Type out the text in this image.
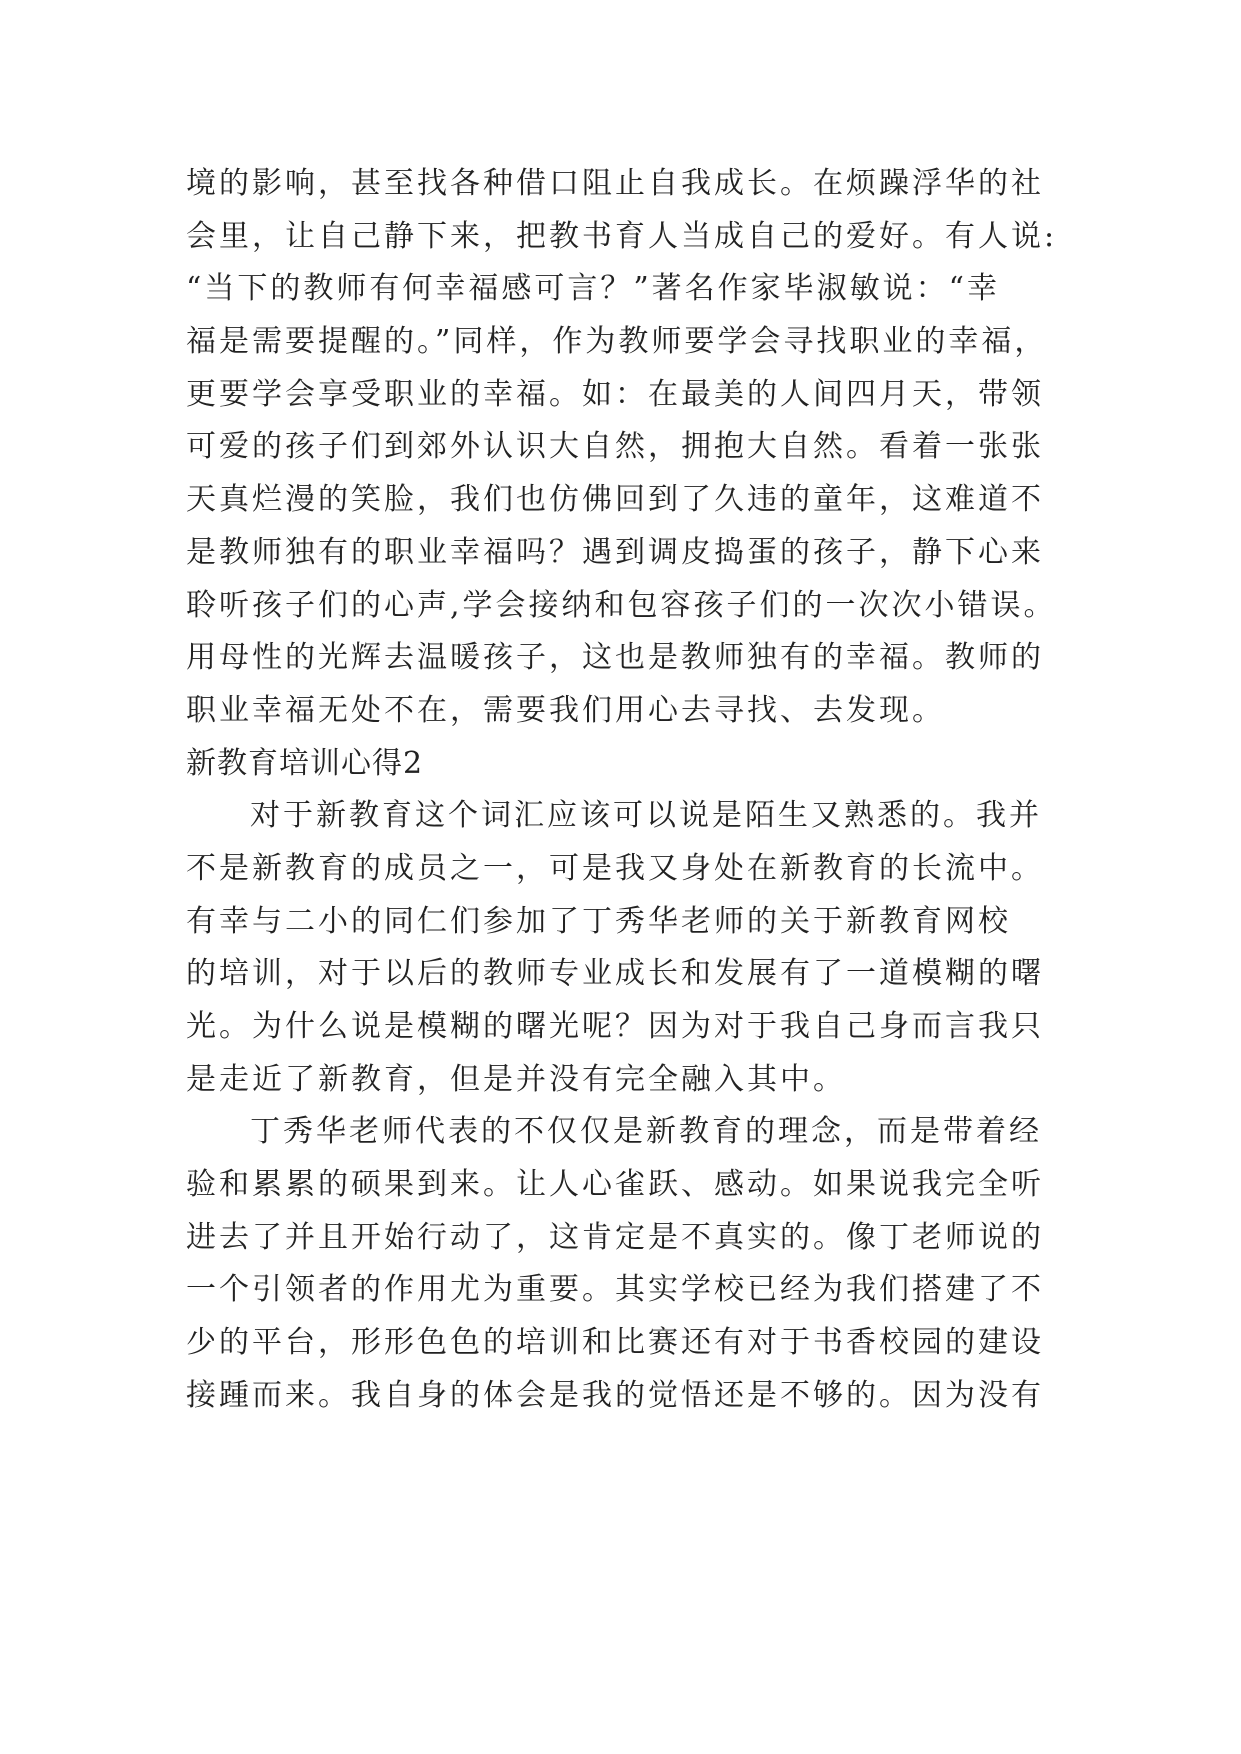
境的影响，甚至找各种借口阻止自我成长。在烦躁浮华的社
会里，让自己静下来，把教书育人当成自己的爱好。有人说:
“当下的教师有何幸福感可言？”著名作家毕淑敏说：“幸
福是需要提醒的。”同样，作为教师要学会寻找职业的幸福，
更要学会享受职业的幸福。如：在最美的人间四月天，带领
可爱的孩子们到郊外认识大自然，拥抱大自然。看着一张张
天真烂漫的笑脸，我们也仿佛回到了久违的童年，这难道不
是教师独有的职业幸福吗？遇到调皮捣蛋的孩子，静下心来
聆听孩子们的心声,学会接纳和包容孩子们的一次次小错误。
用母性的光辉去温暖孩子，这也是教师独有的幸福。教师的
职业幸福无处不在，需要我们用心去寻找、去发现。
新教育培训心得2
对于新教育这个词汇应该可以说是陌生又熟悉的。我并
不是新教育的成员之一，可是我又身处在新教育的长流中。
有幸与二小的同仁们参加了丁秀华老师的关于新教育网校
的培训，对于以后的教师专业成长和发展有了一道模糊的曙
光。为什么说是模糊的曙光呢？因为对于我自己身而言我只
是走近了新教育，但是并没有完全融入其中。
丁秀华老师代表的不仅仅是新教育的理念，而是带着经
验和累累的硕果到来。让人心雀跃、感动。如果说我完全听
进去了并且开始行动了，这肯定是不真实的。像丁老师说的
一个引领者的作用尤为重要。其实学校已经为我们搭建了不
少的平台，形形色色的培训和比赛还有对于书香校园的建设
接踵而来。我自身的体会是我的觉悟还是不够的。因为没有
